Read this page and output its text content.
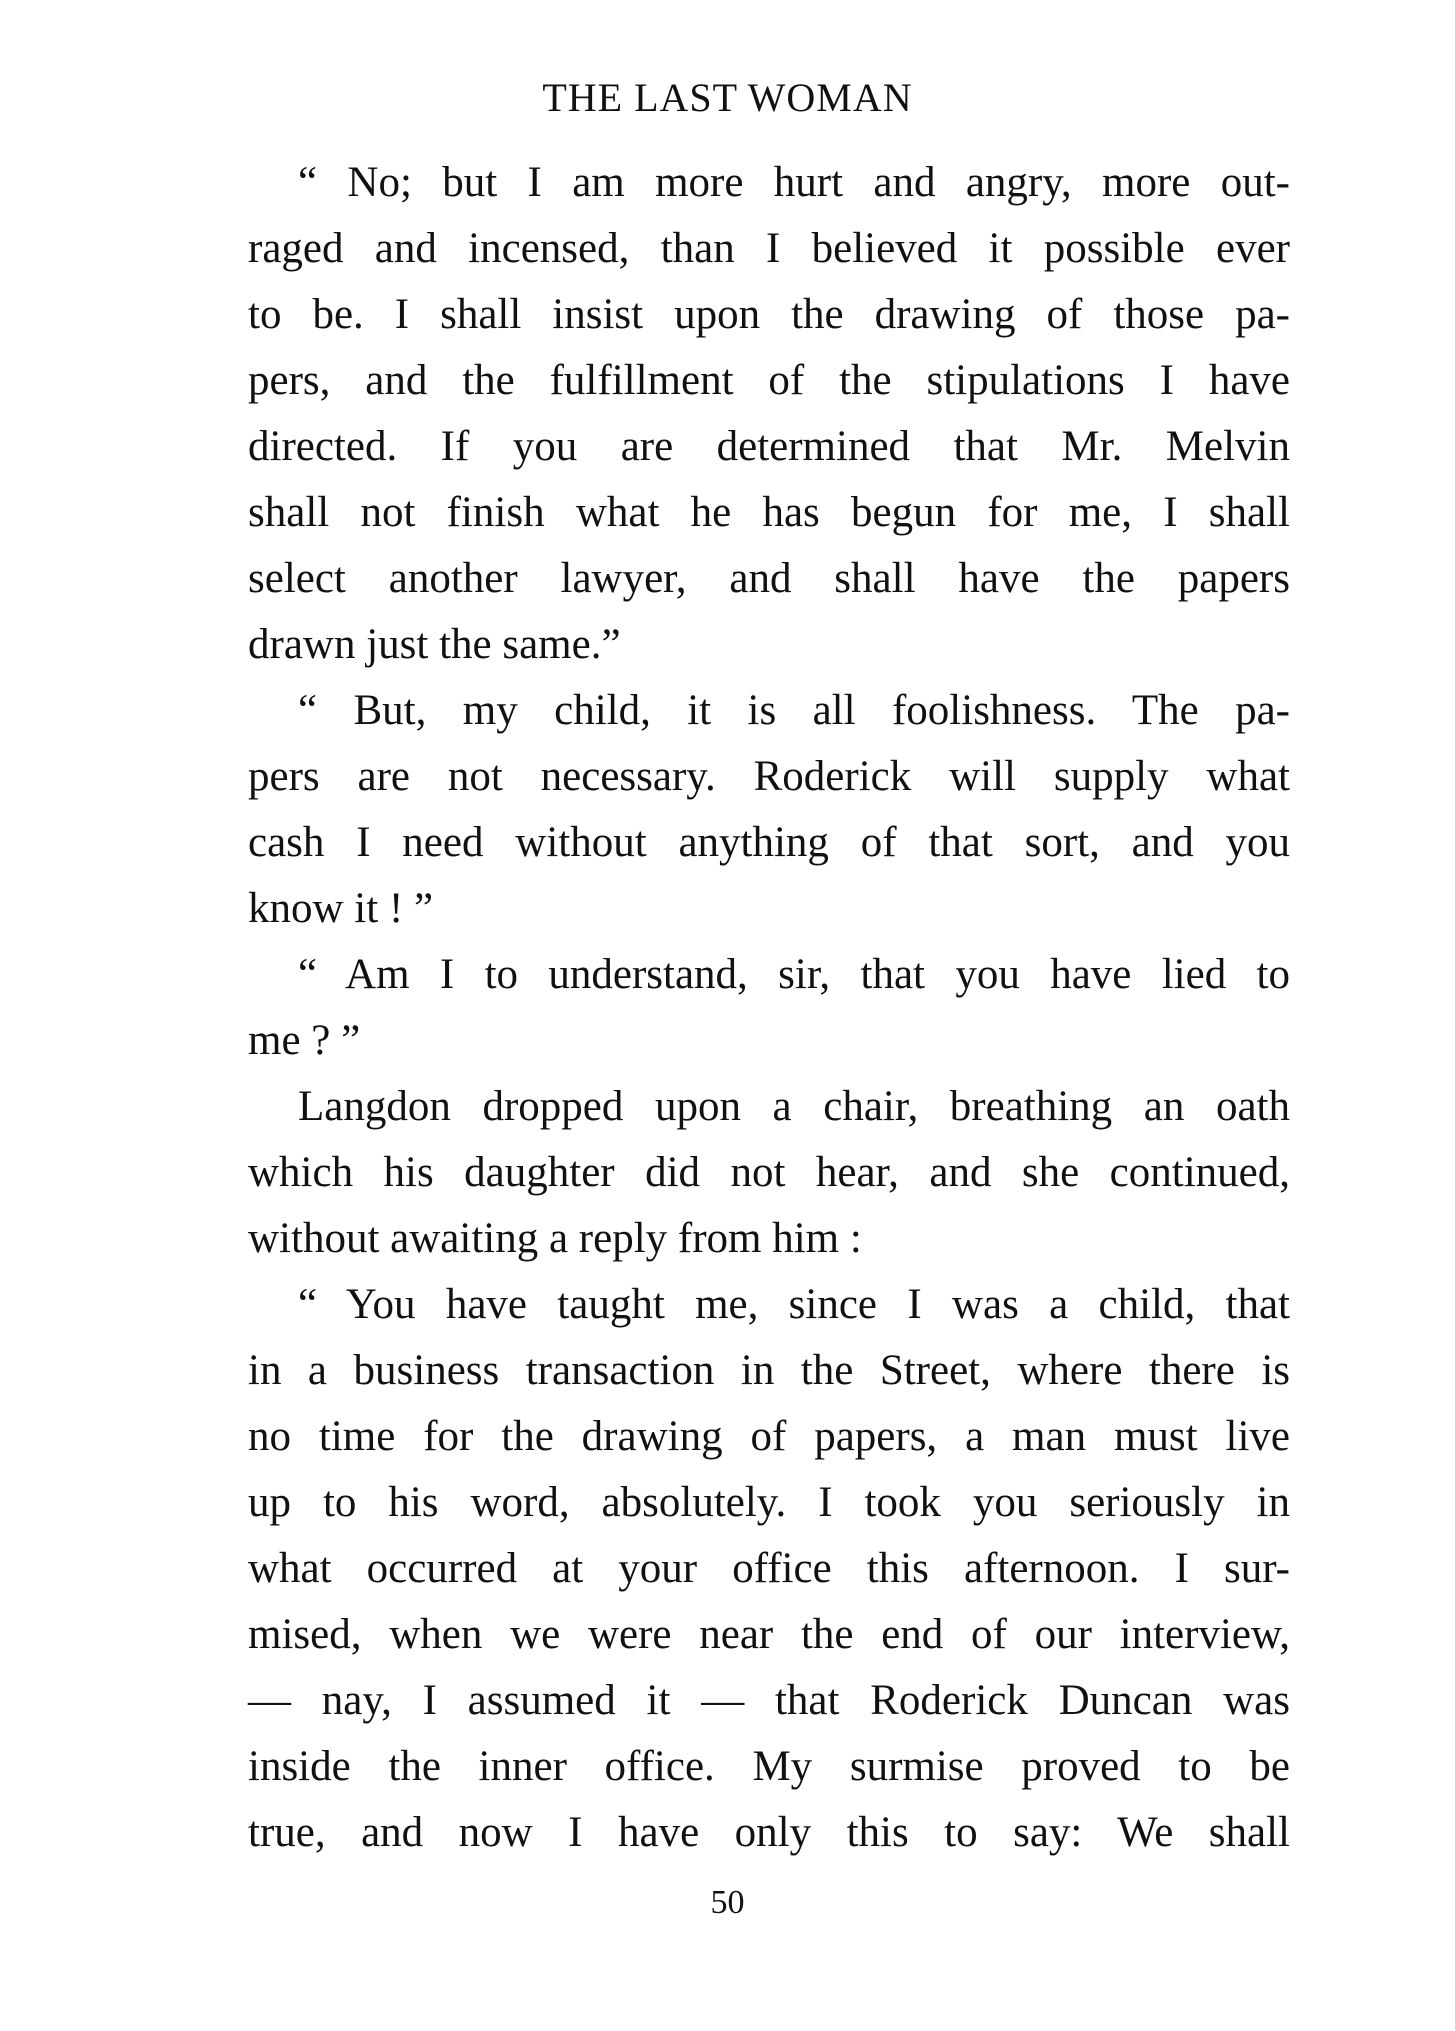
THE LAST WOMAN
“ No; but I am more hurt and angry, more out-
raged and incensed, than I believed it possible ever
to be. I shall insist upon the drawing of those pa-
pers, and the fulfillment of the stipulations I have
directed. If you are determined that Mr. Melvin
shall not finish what he has begun for me, I shall
select another lawyer, and shall have the papers
drawn just the same.”
“ But, my child, it is all foolishness. The pa-
pers are not necessary. Roderick will supply what
cash I need without anything of that sort, and you
know it ! ”
“ Am I to understand, sir, that you have lied to
me ? ”
Langdon dropped upon a chair, breathing an oath
which his daughter did not hear, and she continued,
without awaiting a reply from him :
“ You have taught me, since I was a child, that
in a business transaction in the Street, where there is
no time for the drawing of papers, a man must live
up to his word, absolutely. I took you seriously in
what occurred at your office this afternoon. I sur-
mised, when we were near the end of our interview,
— nay, I assumed it — that Roderick Duncan was
inside the inner office. My surmise proved to be
true, and now I have only this to say: We shall
50
